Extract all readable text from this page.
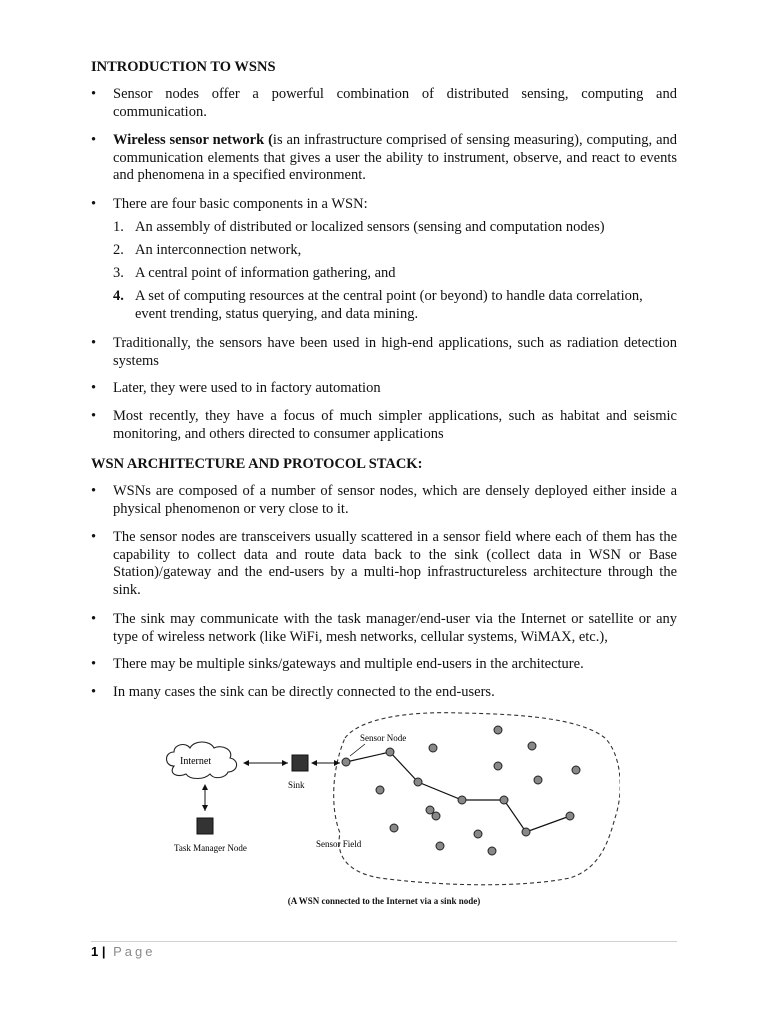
INTRODUCTION TO WSNS
•	Sensor nodes offer a powerful combination of distributed sensing, computing and communication.
•	Wireless sensor network (is an infrastructure comprised of sensing measuring), computing, and communication elements that gives a user the ability to instrument, observe, and react to events and phenomena in a specified environment.
•	There are four basic components in a WSN:
1. An assembly of distributed or localized sensors (sensing and computation nodes)
2. An interconnection network,
3. A central point of information gathering, and
4. A set of computing resources at the central point (or beyond) to handle data correlation, event trending, status querying, and data mining.
•	Traditionally, the sensors have been used in high-end applications, such as radiation detection systems
•	Later, they were used to in factory automation
•	Most recently, they have a focus of much simpler applications, such as habitat and seismic monitoring, and others directed to consumer applications
WSN ARCHITECTURE AND PROTOCOL STACK:
•	WSNs are composed of a number of sensor nodes, which are densely deployed either inside a physical phenomenon or very close to it.
•	The sensor nodes are transceivers usually scattered in a sensor field where each of them has the capability to collect data and route data back to the sink (collect data in WSN or Base Station)/gateway and the end-users by a multi-hop infrastructureless architecture through the sink.
•	The sink may communicate with the task manager/end-user via the Internet or satellite or any type of wireless network (like WiFi, mesh networks, cellular systems, WiMAX, etc.),
•	There may be multiple sinks/gateways and multiple end-users in the architecture.
•	In many cases the sink can be directly connected to the end-users.
Internet
Sink
Task Manager Node
Sensor Node
Sensor Field
(A WSN connected to the Internet via a sink node)
1 | Page
